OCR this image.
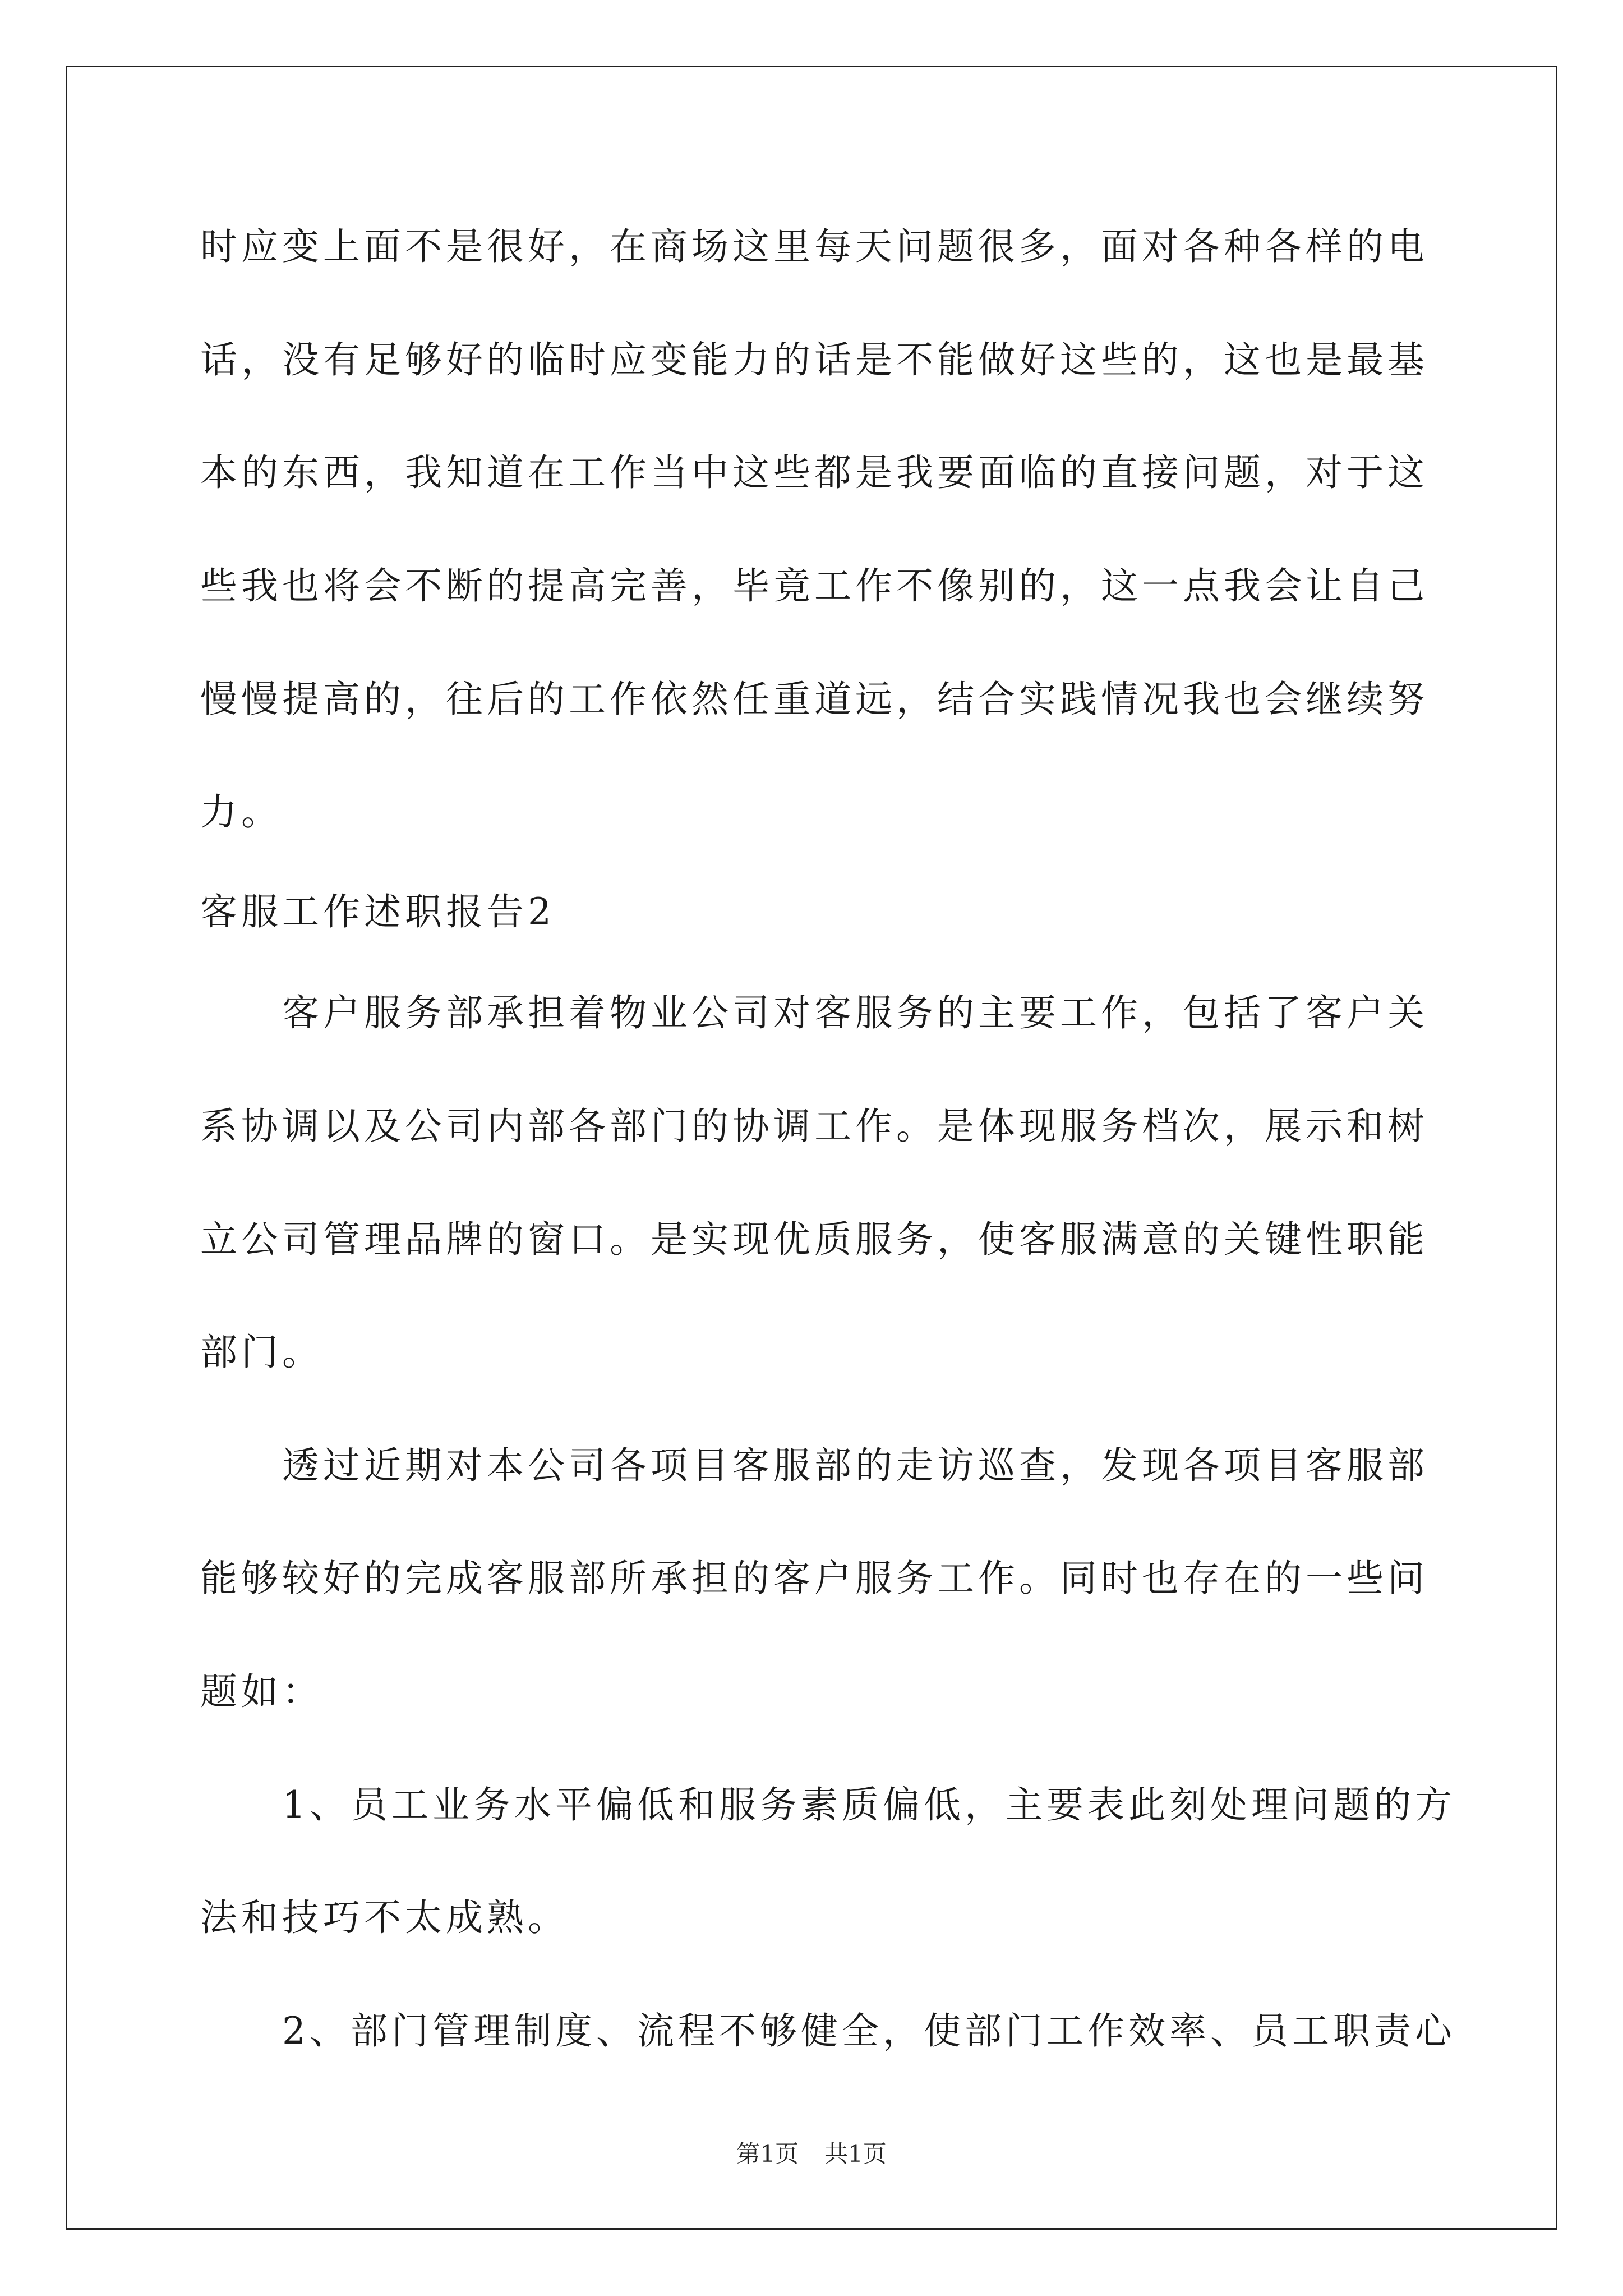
时应变上面不是很好，在商场这里每天问题很多，面对各种各样的电
话，没有足够好的临时应变能力的话是不能做好这些的，这也是最基
本的东西，我知道在工作当中这些都是我要面临的直接问题，对于这
些我也将会不断的提高完善，毕竟工作不像别的，这一点我会让自己
慢慢提高的，往后的工作依然任重道远，结合实践情况我也会继续努
力。
客服工作述职报告2
客户服务部承担着物业公司对客服务的主要工作，包括了客户关
系协调以及公司内部各部门的协调工作。是体现服务档次，展示和树
立公司管理品牌的窗口。是实现优质服务，使客服满意的关键性职能
部门。
透过近期对本公司各项目客服部的走访巡查，发现各项目客服部
能够较好的完成客服部所承担的客户服务工作。同时也存在的一些问
题如：
1、员工业务水平偏低和服务素质偏低，主要表此刻处理问题的方
法和技巧不太成熟。
2、部门管理制度、流程不够健全，使部门工作效率、员工职责心
第1页 共1页
